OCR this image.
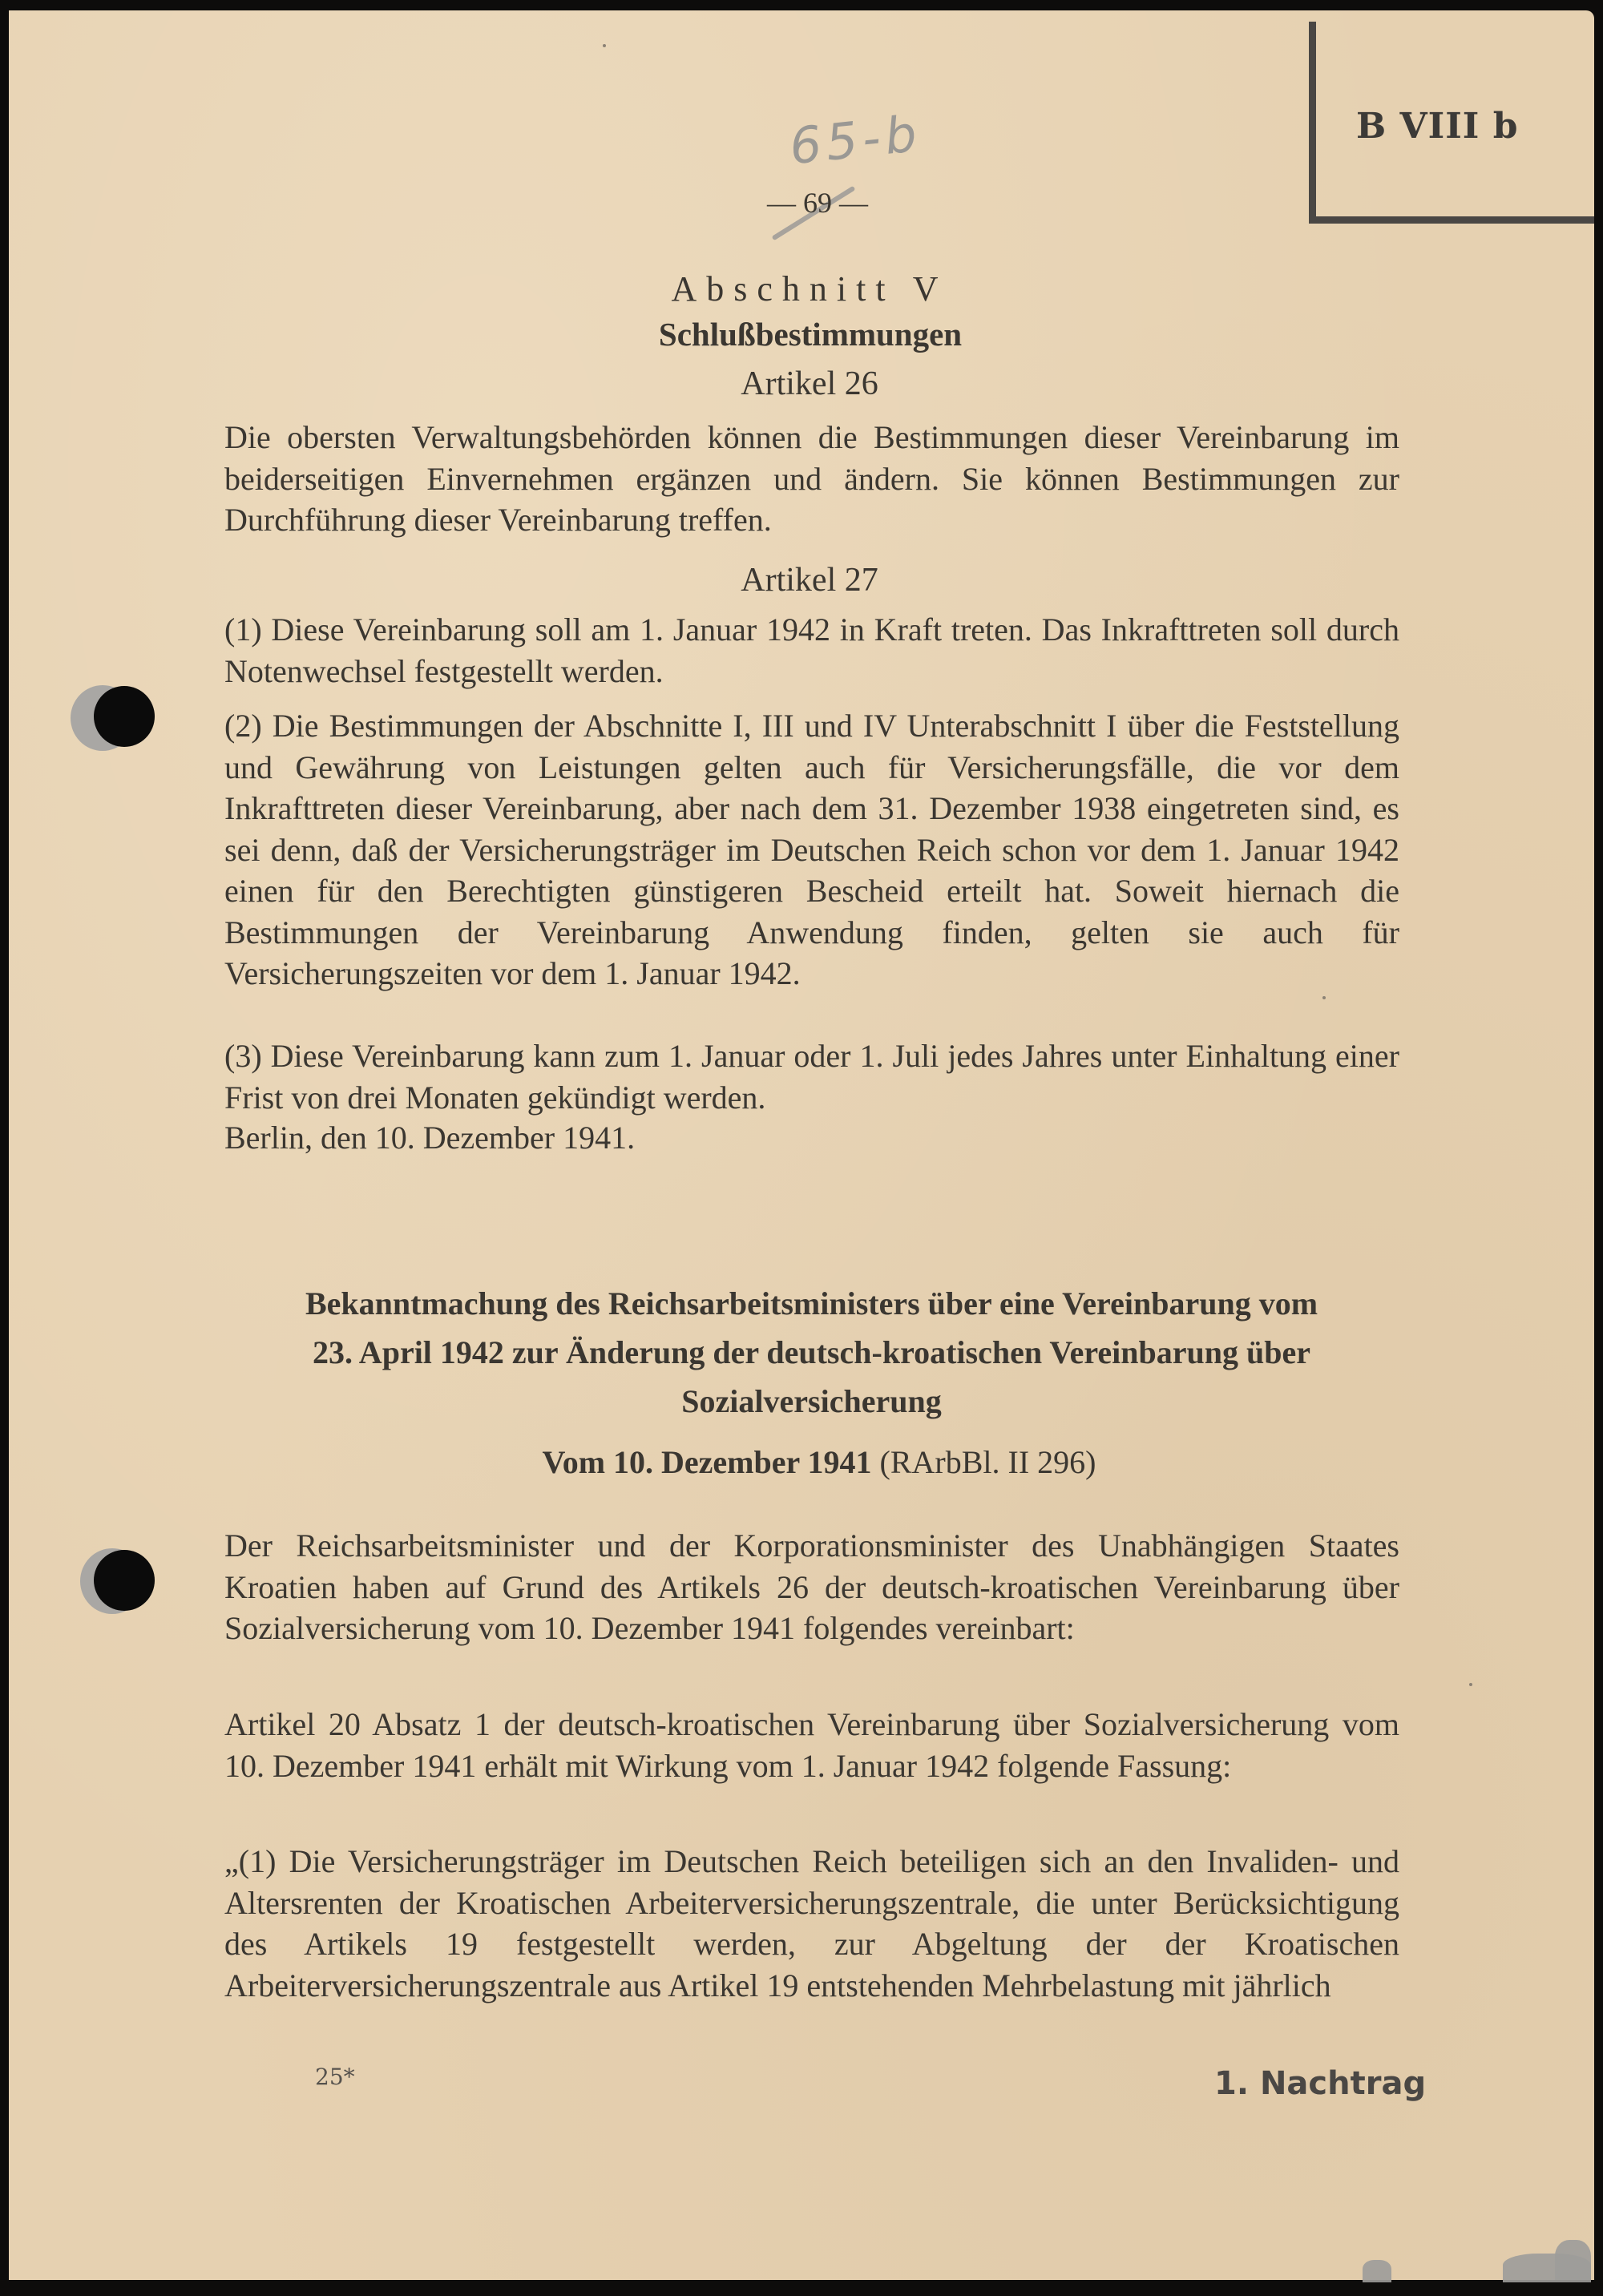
B VIII b
65-b
— 69 —
Abschnitt V
Schlußbestimmungen
Artikel 26

Die obersten Verwaltungsbehörden können die Bestimmungen dieser Vereinbarung im beiderseitigen Einvernehmen ergänzen und ändern. Sie können Bestimmungen zur Durchführung dieser Vereinbarung treffen.

Artikel 27

(1) Diese Vereinbarung soll am 1. Januar 1942 in Kraft treten. Das Inkrafttreten soll durch Notenwechsel festgestellt werden.

(2) Die Bestimmungen der Abschnitte I, III und IV Unterabschnitt I über die Feststellung und Gewährung von Leistungen gelten auch für Versicherungsfälle, die vor dem Inkrafttreten dieser Vereinbarung, aber nach dem 31. Dezember 1938 eingetreten sind, es sei denn, daß der Versicherungsträger im Deutschen Reich schon vor dem 1. Januar 1942 einen für den Berechtigten günstigeren Bescheid erteilt hat. Soweit hiernach die Bestimmungen der Vereinbarung Anwendung finden, gelten sie auch für Versicherungszeiten vor dem 1. Januar 1942.

(3) Diese Vereinbarung kann zum 1. Januar oder 1. Juli jedes Jahres unter Einhaltung einer Frist von drei Monaten gekündigt werden.

Berlin, den 10. Dezember 1941.

Bekanntmachung des Reichsarbeitsministers über eine Vereinbarung vom
23. April 1942 zur Änderung der deutsch-kroatischen Vereinbarung über
Sozialversicherung
Vom 10. Dezember 1941 (RArbBl. II 296)

Der Reichsarbeitsminister und der Korporationsminister des Unabhängigen Staates Kroatien haben auf Grund des Artikels 26 der deutsch-kroatischen Vereinbarung über Sozialversicherung vom 10. Dezember 1941 folgendes vereinbart:

Artikel 20 Absatz 1 der deutsch-kroatischen Vereinbarung über Sozialversicherung vom 10. Dezember 1941 erhält mit Wirkung vom 1. Januar 1942 folgende Fassung:

„(1) Die Versicherungsträger im Deutschen Reich beteiligen sich an den Invaliden- und Altersrenten der Kroatischen Arbeiterversicherungszentrale, die unter Berücksichtigung des Artikels 19 festgestellt werden, zur Abgeltung der der Kroatischen Arbeiterversicherungszentrale aus Artikel 19 entstehenden Mehrbelastung mit jährlich

25*	1. Nachtrag
